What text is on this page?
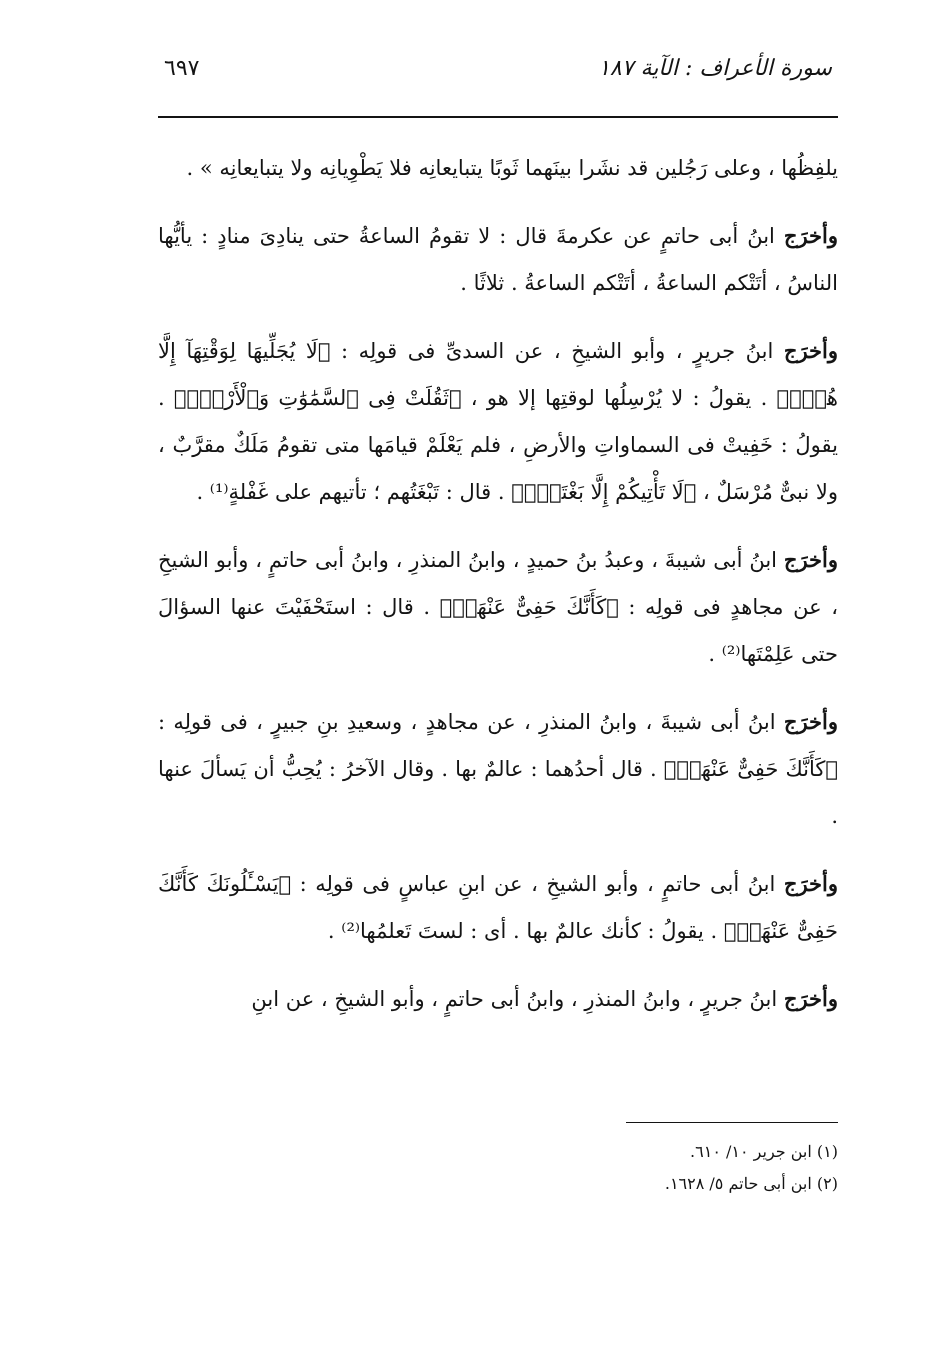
سورة الأعراف : الآية ١٨٧
٦٩٧

يلفِظُها ، وعلى رَجُلين قد نشَرا بينَهما ثَوبًا يتبايعانِه فلا يَطْوِيانِه ولا يتبايعانِه » .

وأخرَج ابنُ أبى حاتمٍ عن عكرمةَ قال : لا تقومُ الساعةُ حتى ينادِىَ منادٍ : يأيُّها الناسُ ، أتَتْكم الساعةُ ، أتَتْكم الساعةُ . ثلاثًا .

وأخرَج ابنُ جريرٍ ، وأبو الشيخِ ، عن السدىِّ فى قولِه : ﴿لَا يُجَلِّيهَا لِوَقْتِهَآ إِلَّا هُوَۚ﴾ . يقولُ : لا يُرْسِلُها لوقتِها إلا هو ، ﴿ثَقُلَتْ فِى ٱلسَّمَٰوَٰتِ وَٱلْأَرْضِۚ﴾ . يقولُ : خَفِيتْ فى السماواتِ والأرضِ ، فلم يَعْلَمْ قيامَها متى تقومُ مَلَكٌ مقرَّبٌ ، ولا نبىٌّ مُرْسَلٌ ، ﴿لَا تَأْتِيكُمْ إِلَّا بَغْتَةًۗ﴾ . قال : تَبْغَتُهم ؛ تأتيهم على غَفْلةٍ⁽¹⁾ .

وأخرَج ابنُ أبى شيبةَ ، وعبدُ بنُ حميدٍ ، وابنُ المنذرِ ، وابنُ أبى حاتمٍ ، وأبو الشيخِ ، عن مجاهدٍ فى قولِه : ﴿كَأَنَّكَ حَفِىٌّ عَنْهَاۖ﴾ . قال : استَحْفَيْتَ عنها السؤالَ حتى عَلِمْتَها⁽²⁾ .

وأخرَج ابنُ أبى شيبةَ ، وابنُ المنذرِ ، عن مجاهدٍ ، وسعيدِ بنِ جبيرٍ ، فى قولِه : ﴿كَأَنَّكَ حَفِىٌّ عَنْهَاۖ﴾ . قال أحدُهما : عالمٌ بها . وقال الآخرُ : يُحِبُّ أن يَسألَ عنها .

وأخرَج ابنُ أبى حاتمٍ ، وأبو الشيخِ ، عن ابنِ عباسٍ فى قولِه : ﴿يَسْـَٔلُونَكَ كَأَنَّكَ حَفِىٌّ عَنْهَاۖ﴾ . يقولُ : كأنك عالمٌ بها . أى : لستَ تَعلمُها⁽²⁾ .

وأخرَج ابنُ جريرٍ ، وابنُ المنذرِ ، وابنُ أبى حاتمٍ ، وأبو الشيخِ ، عن ابنِ

(١) ابن جرير ١٠/ ٦١٠.
(٢) ابن أبى حاتم ٥/ ١٦٢٨.
